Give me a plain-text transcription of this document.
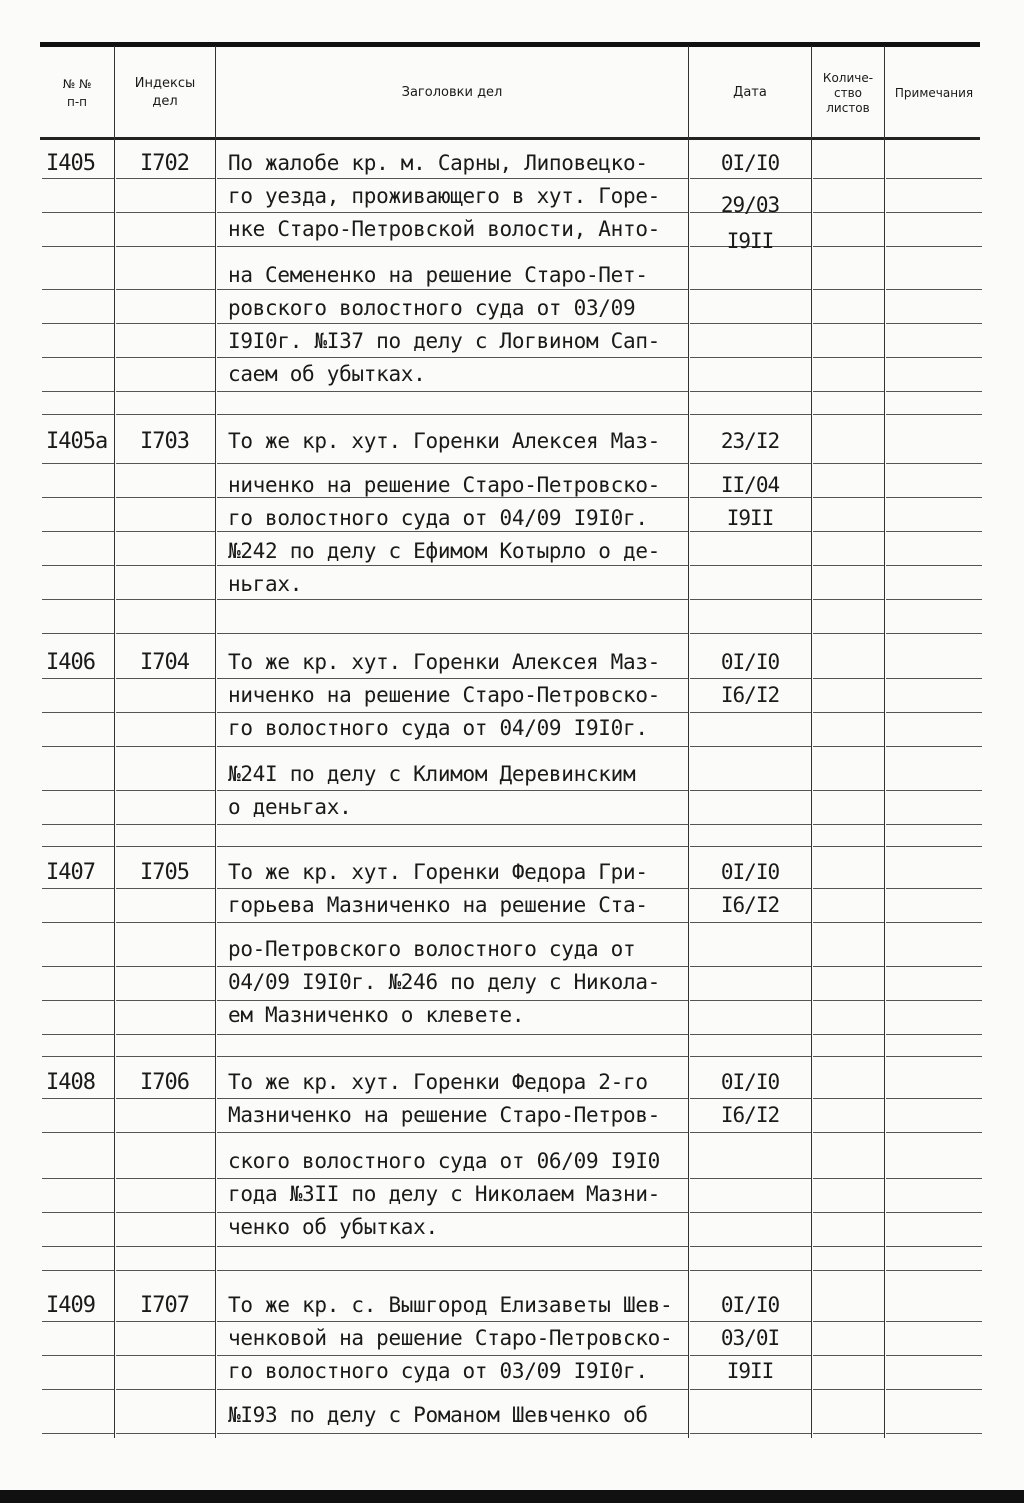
№ №
п-п
Индексы
дел
Заголовки дел	Дата
Количе-
ство
листов
Примечания
I405 I702 По жалобе кр. м. Сарны, Липовецко-
го уезда, проживающего в хут. Горе-
нке Старо-Петровской волости, Анто-
на Семененко на решение Старо-Пет-
ровского волостного суда от 03/09
I9I0г. №I37 по делу с Логвином Сап-
саем об убытках.
0I/I0
29/03
I9II
I405а I703 То же кр. хут. Горенки Алексея Маз-
ниченко на решение Старо-Петровско-
го волостного суда от 04/09 I9I0г.
№242 по делу с Ефимом Котырло о де-
ньгах.
23/I2
II/04
I9II
I406 I704 То же кр. хут. Горенки Алексея Маз-
ниченко на решение Старо-Петровско-
го волостного суда от 04/09 I9I0г.
№24I по делу с Климом Деревинским
о деньгах.
0I/I0
I6/I2
I407 I705 То же кр. хут. Горенки Федора Гри-
горьева Мазниченко на решение Ста-
ро-Петровского волостного суда от
04/09 I9I0г. №246 по делу с Никола-
ем Мазниченко о клевете.
0I/I0
I6/I2
I408 I706 То же кр. хут. Горенки Федора 2-го
Мазниченко на решение Старо-Петров-
ского волостного суда от 06/09 I9I0
года №3II по делу с Николаем Мазни-
ченко об убытках.
0I/I0
I6/I2
I409 I707 То же кр. с. Вышгород Елизаветы Шев-
ченковой на решение Старо-Петровско-
го волостного суда от 03/09 I9I0г.
№I93 по делу с Романом Шевченко об
0I/I0
03/0I
I9II
